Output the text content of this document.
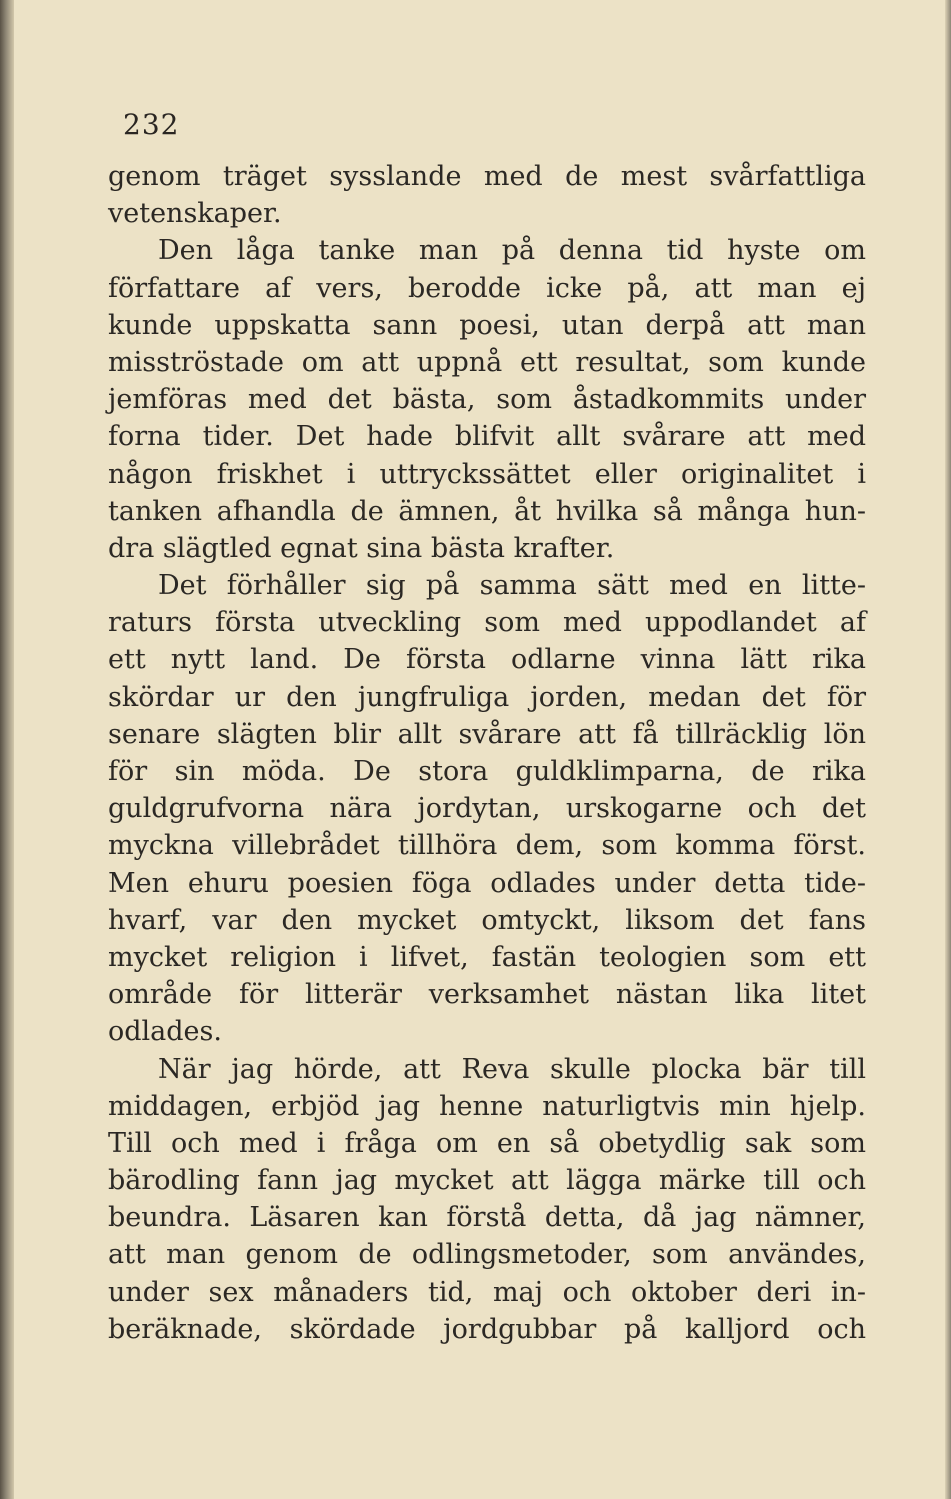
232
genom träget sysslande med de mest svårfattliga
vetenskaper.
Den låga tanke man på denna tid hyste om
författare af vers, berodde icke på, att man ej
kunde uppskatta sann poesi, utan derpå att man
misströstade om att uppnå ett resultat, som kunde
jemföras med det bästa, som åstadkommits under
forna tider. Det hade blifvit allt svårare att med
någon friskhet i uttryckssättet eller originalitet i
tanken afhandla de ämnen, åt hvilka så många hun-
dra slägtled egnat sina bästa krafter.
Det förhåller sig på samma sätt med en litte-
raturs första utveckling som med uppodlandet af
ett nytt land. De första odlarne vinna lätt rika
skördar ur den jungfruliga jorden, medan det för
senare slägten blir allt svårare att få tillräcklig lön
för sin möda. De stora guldklimparna, de rika
guldgrufvorna nära jordytan, urskogarne och det
myckna villebrådet tillhöra dem, som komma först.
Men ehuru poesien föga odlades under detta tide-
hvarf, var den mycket omtyckt, liksom det fans
mycket religion i lifvet, fastän teologien som ett
område för litterär verksamhet nästan lika litet
odlades.
När jag hörde, att Reva skulle plocka bär till
middagen, erbjöd jag henne naturligtvis min hjelp.
Till och med i fråga om en så obetydlig sak som
bärodling fann jag mycket att lägga märke till och
beundra. Läsaren kan förstå detta, då jag nämner,
att man genom de odlingsmetoder, som användes,
under sex månaders tid, maj och oktober deri in-
beräknade, skördade jordgubbar på kalljord och
